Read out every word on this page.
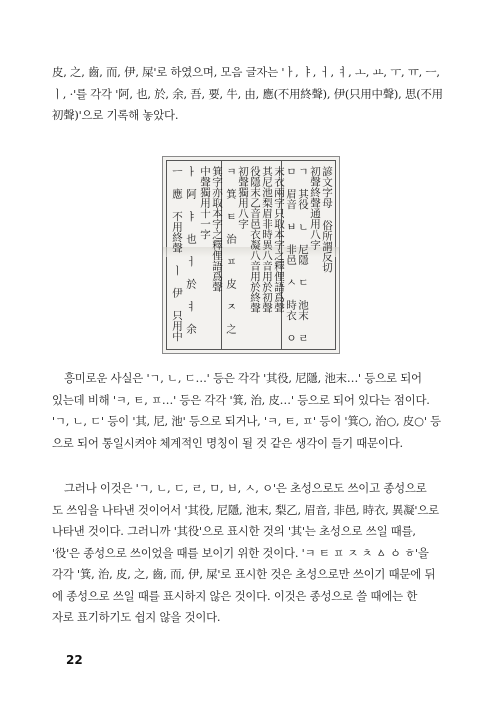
皮, 之, 齒, 而, 伊, 屎'로 하였으며, 모음 글자는 'ㅏ, ㅑ, ㅓ, ㅕ, ㅗ, ㅛ, ㅜ, ㅠ, ㅡ,
ㅣ, ·'를 각각 '阿, 也, 於, 余, 吾, 要, 牛, 由, 應(不用終聲), 伊(只用中聲), 思(不用
初聲)'으로 기록해 놓았다.
諺文字母 俗所謂反切
初聲終聲通用八字
ㄱ 其役 ㄴ 尼隱 ㄷ 池末 ㄹ
ㅁ 眉音 ㅂ 非邑 ㅅ 時衣 ㅇ
末衣兩字只取本字之釋俚語爲聲
其尼池梨眉非時異八音用於初聲
役隱末乙音邑衣凝八音用於終聲
初聲獨用八字
ㅋ 箕 ㅌ 治 ㅍ 皮 ㅈ 之
箕字亦取本字之釋俚語爲聲
中聲獨用十一字
ㅏ 阿 ㅑ 也 ㅓ 於 ㅕ 余
ㅡ 應 不用終聲 ㅣ 伊 只用中
흥미로운 사실은 'ㄱ, ㄴ, ㄷ…' 등은 각각 '其役, 尼隱, 池末…' 등으로 되어
있는데 비해 'ㅋ, ㅌ, ㅍ…' 등은 각각 '箕, 治, 皮…' 등으로 되어 있다는 점이다.
'ㄱ, ㄴ, ㄷ' 등이 '其, 尼, 池' 등으로 되거나, 'ㅋ, ㅌ, ㅍ' 등이 '箕○, 治○, 皮○' 등
으로 되어 통일시켜야 체계적인 명칭이 될 것 같은 생각이 들기 때문이다.
그러나 이것은 'ㄱ, ㄴ, ㄷ, ㄹ, ㅁ, ㅂ, ㅅ, ㅇ'은 초성으로도 쓰이고 종성으로
도 쓰임을 나타낸 것이어서 '其役, 尼隱, 池末, 梨乙, 眉音, 非邑, 時衣, 異凝'으로
나타낸 것이다. 그러니까 '其役'으로 표시한 것의 '其'는 초성으로 쓰일 때를,
'役'은 종성으로 쓰이었을 때를 보이기 위한 것이다. 'ㅋ ㅌ ㅍ ㅈ ㅊ ㅿ ㆁ ㅎ'을
각각 '箕, 治, 皮, 之, 齒, 而, 伊, 屎'로 표시한 것은 초성으로만 쓰이기 때문에 뒤
에 종성으로 쓰일 때를 표시하지 않은 것이다. 이것은 종성으로 쓸 때에는 한
자로 표기하기도 쉽지 않을 것이다.
22
